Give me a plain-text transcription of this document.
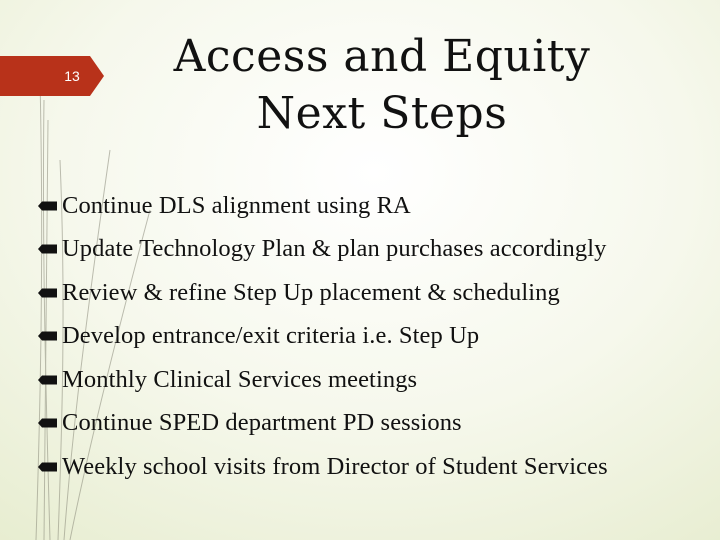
13	Access and Equity
Next Steps
Continue DLS alignment using RA
Update Technology Plan & plan purchases accordingly
Review & refine Step Up placement & scheduling
Develop entrance/exit criteria i.e. Step Up
Monthly Clinical Services meetings
Continue SPED department PD sessions
Weekly school visits from Director of Student Services
